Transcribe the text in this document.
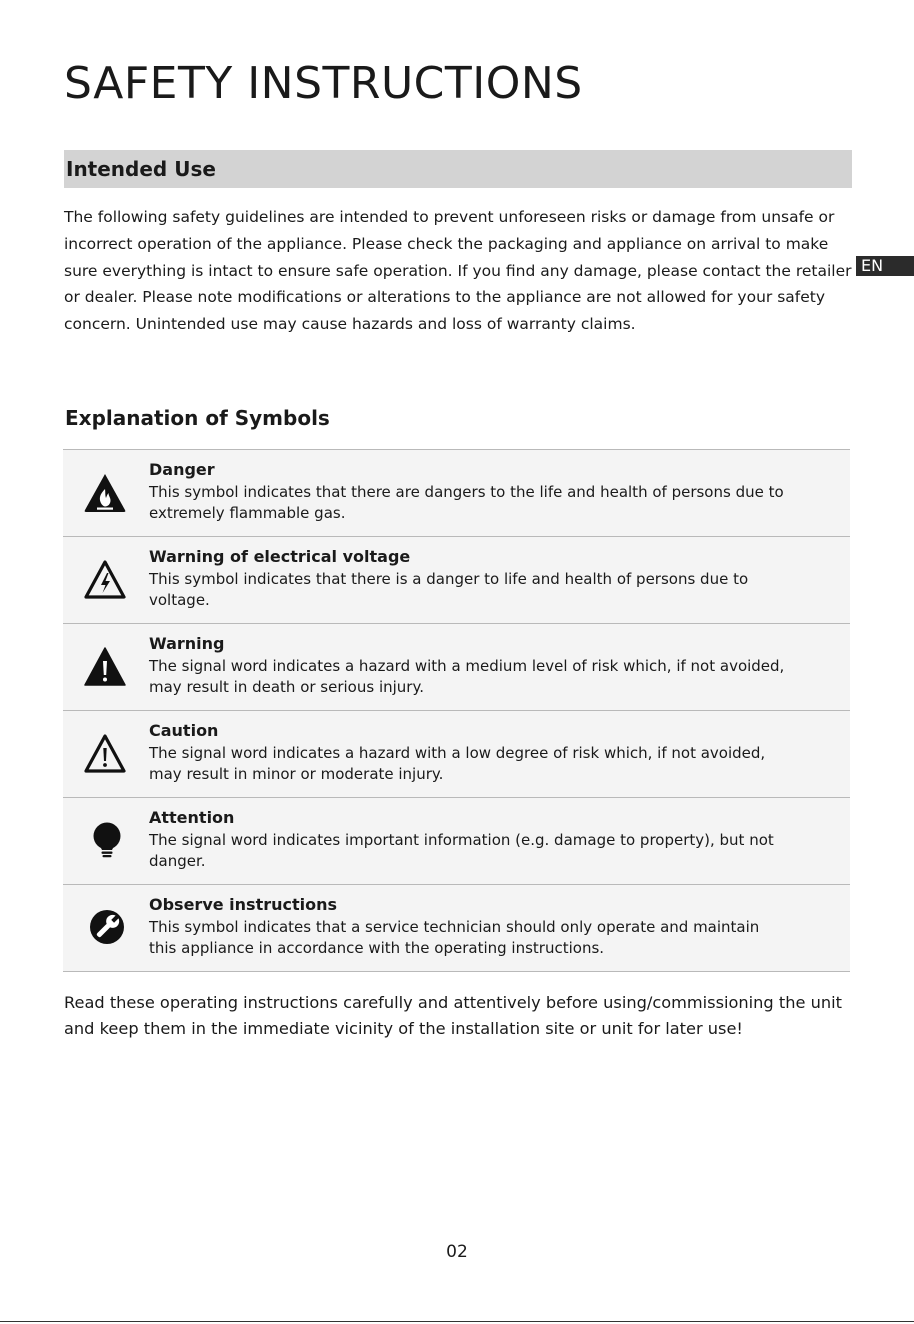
SAFETY INSTRUCTIONS
Intended Use

The following safety guidelines are intended to prevent unforeseen risks or damage from unsafe or incorrect operation of the appliance. Please check the packaging and appliance on arrival to make sure everything is intact to ensure safe operation. If you find any damage, please contact the retailer or dealer. Please note modifications or alterations to the appliance are not allowed for your safety concern. Unintended use may cause hazards and loss of warranty claims.

EN
Explanation of Symbols
Danger
This symbol indicates that there are dangers to the life and health of persons due to extremely flammable gas.
Warning of electrical voltage
This symbol indicates that there is a danger to life and health of persons due to voltage.
Warning
The signal word indicates a hazard with a medium level of risk which, if not avoided, may result in death or serious injury.
Caution
The signal word indicates a hazard with a low degree of risk which, if not avoided, may result in minor or moderate injury.
Attention
The signal word indicates important information (e.g. damage to property), but not danger.
Observe instructions
This symbol indicates that a service technician should only operate and maintain this appliance in accordance with the operating instructions.

Read these operating instructions carefully and attentively before using/commissioning the unit and keep them in the immediate vicinity of the installation site or unit for later use!

02
